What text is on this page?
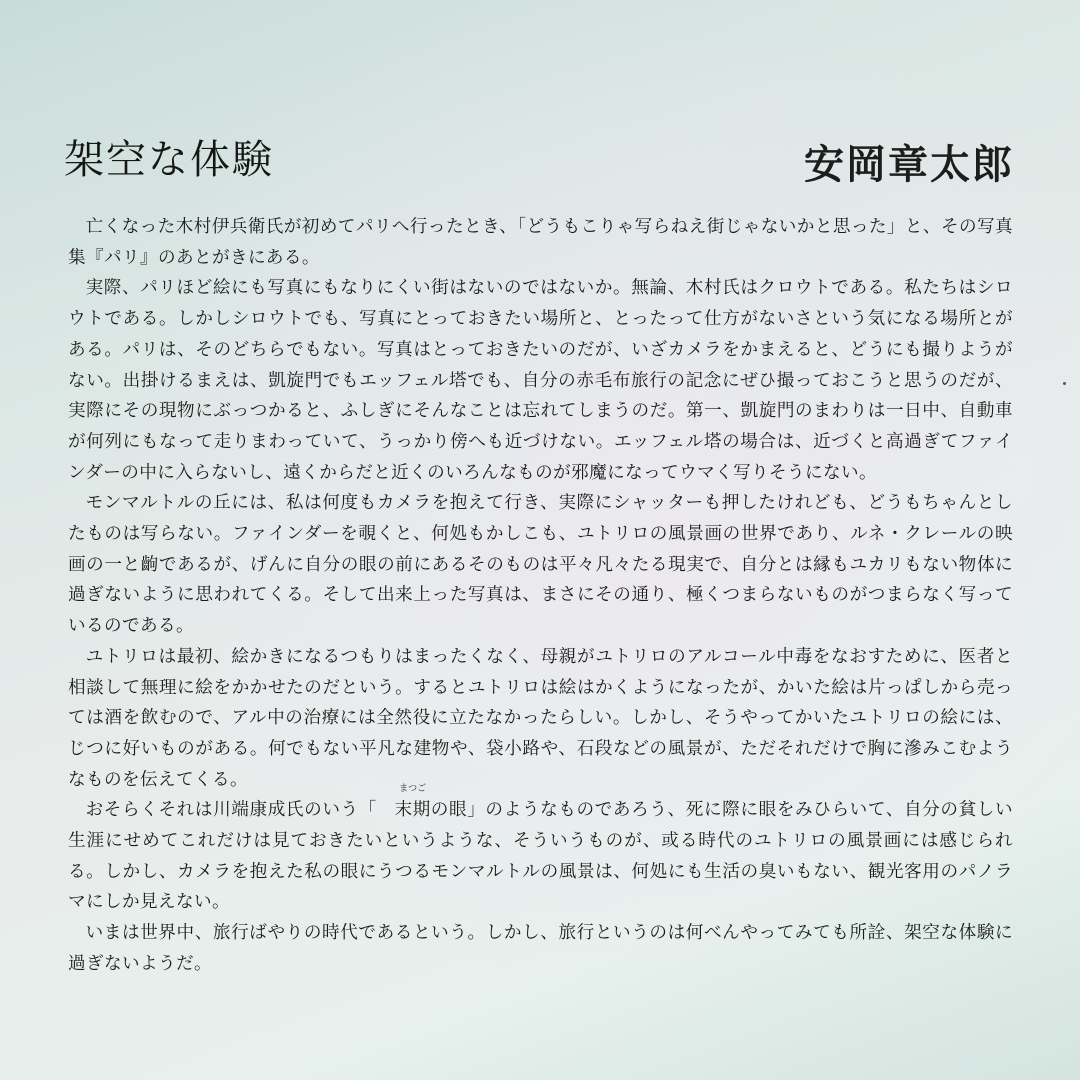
架空な体験	安岡章太郎

亡くなった木村伊兵衛氏が初めてパリへ行ったとき、「どうもこりゃ写らねえ街じゃないかと思った」と、その写真集『パリ』のあとがきにある。

実際、パリほど絵にも写真にもなりにくい街はないのではないか。無論、木村氏はクロウトである。私たちはシロウトである。しかしシロウトでも、写真にとっておきたい場所と、とったって仕方がないさという気になる場所とがある。パリは、そのどちらでもない。写真はとっておきたいのだが、いざカメラをかまえると、どうにも撮りようがない。出掛けるまえは、凱旋門でもエッフェル塔でも、自分の赤毛布旅行の記念にぜひ撮っておこうと思うのだが、実際にその現物にぶっつかると、ふしぎにそんなことは忘れてしまうのだ。第一、凱旋門のまわりは一日中、自動車が何列にもなって走りまわっていて、うっかり傍へも近づけない。エッフェル塔の場合は、近づくと高過ぎてファインダーの中に入らないし、遠くからだと近くのいろんなものが邪魔になってウマく写りそうにない。

モンマルトルの丘には、私は何度もカメラを抱えて行き、実際にシャッターも押したけれども、どうもちゃんとしたものは写らない。ファインダーを覗くと、何処もかしこも、ユトリロの風景画の世界であり、ルネ・クレールの映画の一と齣であるが、げんに自分の眼の前にあるそのものは平々凡々たる現実で、自分とは縁もユカリもない物体に過ぎないように思われてくる。そして出来上った写真は、まさにその通り、極くつまらないものがつまらなく写っているのである。

ユトリロは最初、絵かきになるつもりはまったくなく、母親がユトリロのアルコール中毒をなおすために、医者と相談して無理に絵をかかせたのだという。するとユトリロは絵はかくようになったが、かいた絵は片っぱしから売っては酒を飲むので、アル中の治療には全然役に立たなかったらしい。しかし、そうやってかいたユトリロの絵には、じつに好いものがある。何でもない平凡な建物や、袋小路や、石段などの風景が、ただそれだけで胸に滲みこむようなものを伝えてくる。

おそらくそれは川端康成氏のいう「
まつご
末期の眼」のようなものであろう、死に際に眼をみひらいて、自分の貧しい生涯にせめてこれだけは見ておきたいというような、そういうものが、或る時代のユトリロの風景画には感じられる。しかし、カメラを抱えた私の眼にうつるモンマルトルの風景は、何処にも生活の臭いもない、観光客用のパノラマにしか見えない。

いまは世界中、旅行ばやりの時代であるという。しかし、旅行というのは何べんやってみても所詮、架空な体験に過ぎないようだ。
